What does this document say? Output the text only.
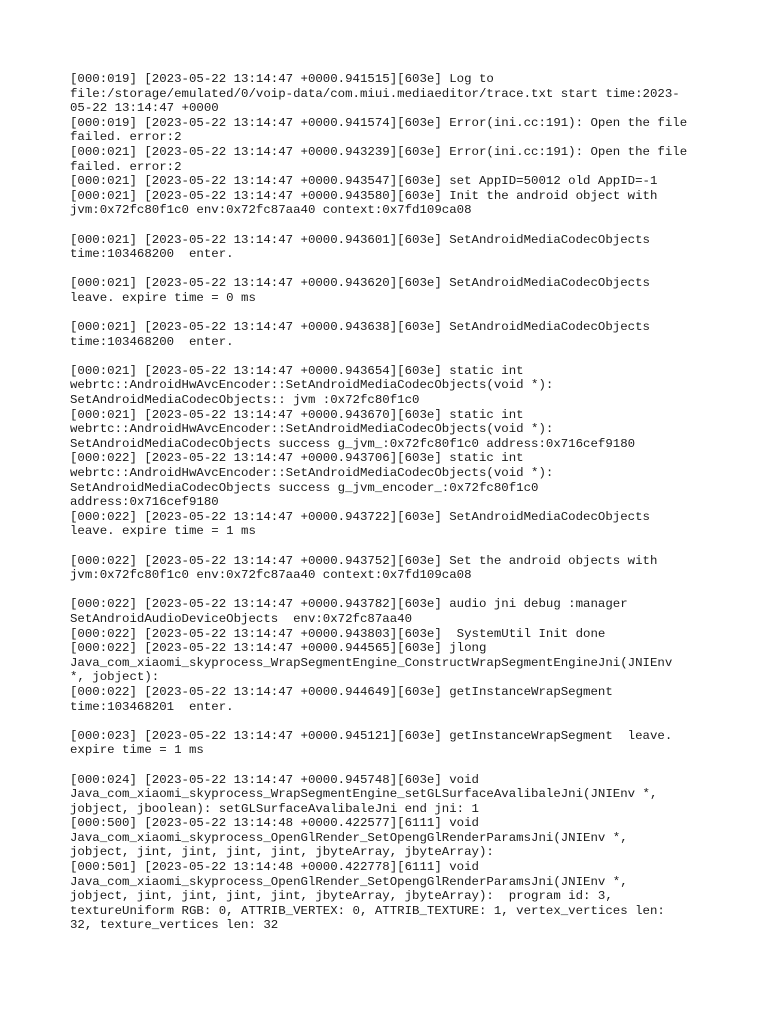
[000:019] [2023-05-22 13:14:47 +0000.941515][603e] Log to
file:/storage/emulated/0/voip-data/com.miui.mediaeditor/trace.txt start time:2023-
05-22 13:14:47 +0000

[000:019] [2023-05-22 13:14:47 +0000.941574][603e] Error(ini.cc:191): Open the file
failed. error:2

[000:021] [2023-05-22 13:14:47 +0000.943239][603e] Error(ini.cc:191): Open the file
failed. error:2

[000:021] [2023-05-22 13:14:47 +0000.943547][603e] set AppID=50012 old AppID=-1

[000:021] [2023-05-22 13:14:47 +0000.943580][603e] Init the android object with
jvm:0x72fc80f1c0 env:0x72fc87aa40 context:0x7fd109ca08

[000:021] [2023-05-22 13:14:47 +0000.943601][603e] SetAndroidMediaCodecObjects
time:103468200  enter.

[000:021] [2023-05-22 13:14:47 +0000.943620][603e] SetAndroidMediaCodecObjects
leave. expire time = 0 ms

[000:021] [2023-05-22 13:14:47 +0000.943638][603e] SetAndroidMediaCodecObjects
time:103468200  enter.

[000:021] [2023-05-22 13:14:47 +0000.943654][603e] static int
webrtc::AndroidHwAvcEncoder::SetAndroidMediaCodecObjects(void *):
SetAndroidMediaCodecObjects:: jvm :0x72fc80f1c0

[000:021] [2023-05-22 13:14:47 +0000.943670][603e] static int
webrtc::AndroidHwAvcEncoder::SetAndroidMediaCodecObjects(void *):
SetAndroidMediaCodecObjects success g_jvm_:0x72fc80f1c0 address:0x716cef9180

[000:022] [2023-05-22 13:14:47 +0000.943706][603e] static int
webrtc::AndroidHwAvcEncoder::SetAndroidMediaCodecObjects(void *):
SetAndroidMediaCodecObjects success g_jvm_encoder_:0x72fc80f1c0
address:0x716cef9180

[000:022] [2023-05-22 13:14:47 +0000.943722][603e] SetAndroidMediaCodecObjects
leave. expire time = 1 ms

[000:022] [2023-05-22 13:14:47 +0000.943752][603e] Set the android objects with
jvm:0x72fc80f1c0 env:0x72fc87aa40 context:0x7fd109ca08

[000:022] [2023-05-22 13:14:47 +0000.943782][603e] audio jni debug :manager
SetAndroidAudioDeviceObjects  env:0x72fc87aa40

[000:022] [2023-05-22 13:14:47 +0000.943803][603e]  SystemUtil Init done

[000:022] [2023-05-22 13:14:47 +0000.944565][603e] jlong
Java_com_xiaomi_skyprocess_WrapSegmentEngine_ConstructWrapSegmentEngineJni(JNIEnv
*, jobject):

[000:022] [2023-05-22 13:14:47 +0000.944649][603e] getInstanceWrapSegment
time:103468201  enter.

[000:023] [2023-05-22 13:14:47 +0000.945121][603e] getInstanceWrapSegment  leave.
expire time = 1 ms

[000:024] [2023-05-22 13:14:47 +0000.945748][603e] void
Java_com_xiaomi_skyprocess_WrapSegmentEngine_setGLSurfaceAvalibaleJni(JNIEnv *,
jobject, jboolean): setGLSurfaceAvalibaleJni end jni: 1

[000:500] [2023-05-22 13:14:48 +0000.422577][6111] void
Java_com_xiaomi_skyprocess_OpenGlRender_SetOpengGlRenderParamsJni(JNIEnv *,
jobject, jint, jint, jint, jint, jbyteArray, jbyteArray):

[000:501] [2023-05-22 13:14:48 +0000.422778][6111] void
Java_com_xiaomi_skyprocess_OpenGlRender_SetOpengGlRenderParamsJni(JNIEnv *,
jobject, jint, jint, jint, jint, jbyteArray, jbyteArray):  program id: 3,
textureUniform RGB: 0, ATTRIB_VERTEX: 0, ATTRIB_TEXTURE: 1, vertex_vertices len:
32, texture_vertices len: 32
